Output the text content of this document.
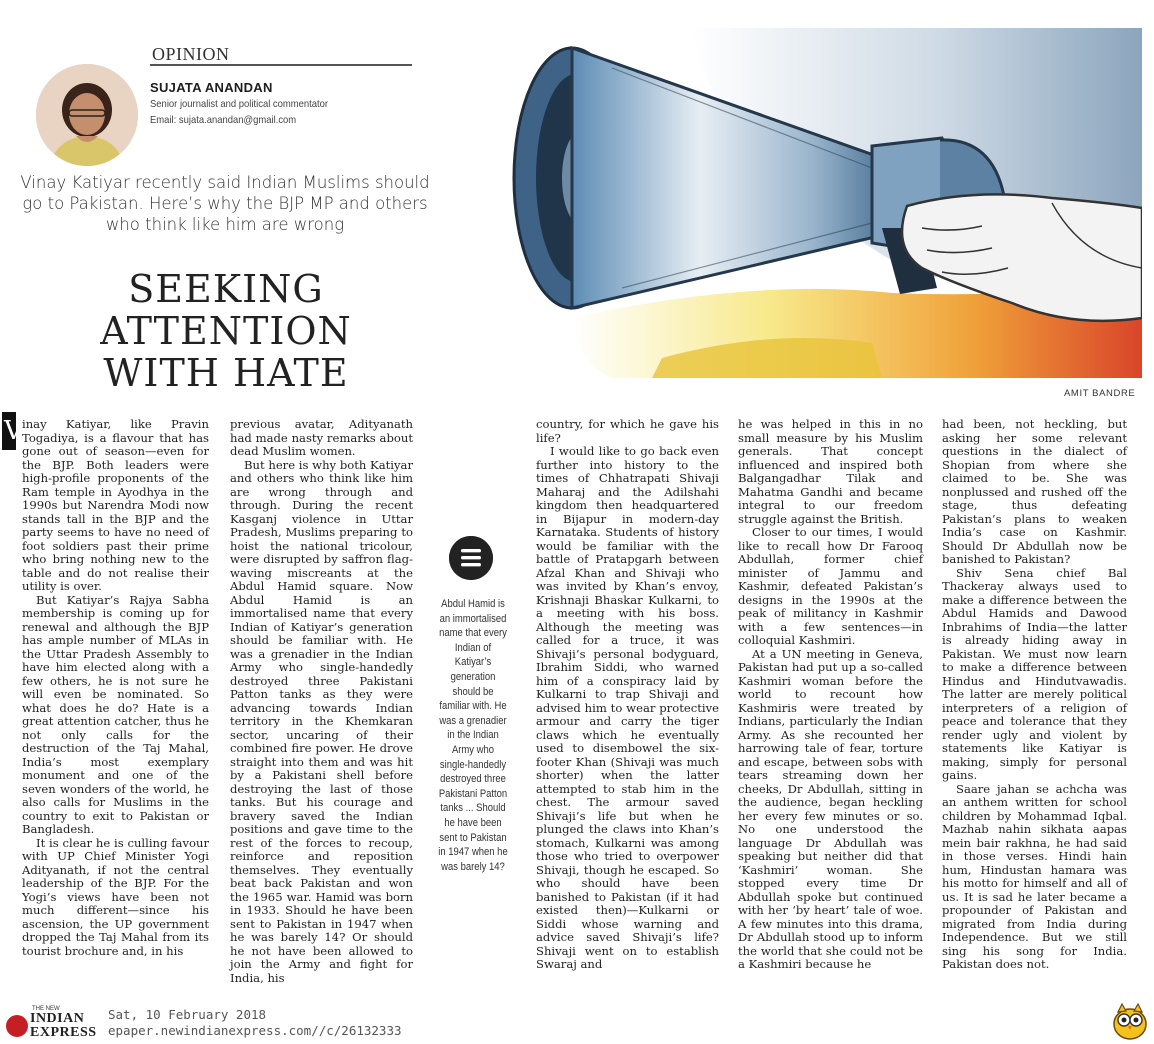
OPINION
SUJATA ANANDAN
Senior journalist and political commentator
Email: sujata.anandan@gmail.com
Vinay Katiyar recently said Indian Muslims should go to Pakistan. Here’s why the BJP MP and others who think like him are wrong
SEEKING
ATTENTION
WITH HATE	AMIT BANDRE
V inay Katiyar, like Pravin Togadiya, is a flavour that has gone out of season—even for the BJP. Both leaders were high-profile proponents of the Ram temple in Ayodhya in the 1990s but Narendra Modi now stands tall in the BJP and the party seems to have no need of foot soldiers past their prime who bring nothing new to the table and do not realise their utility is over.

But Katiyar’s Rajya Sabha membership is coming up for renewal and although the BJP has ample number of MLAs in the Uttar Pradesh Assembly to have him elected along with a few others, he is not sure he will even be nominated. So what does he do? Hate is a great attention catcher, thus he not only calls for the destruction of the Taj Mahal, India’s most exemplary monument and one of the seven wonders of the world, he also calls for Muslims in the country to exit to Pakistan or Bangladesh.

It is clear he is culling favour with UP Chief Minister Yogi Adityanath, if not the central leadership of the BJP. For the Yogi’s views have been not much different—since his ascension, the UP government dropped the Taj Mahal from its tourist brochure and, in his

previous avatar, Adityanath had made nasty remarks about dead Muslim women.

But here is why both Katiyar and others who think like him are wrong through and through. During the recent Kasganj violence in Uttar Pradesh, Muslims preparing to hoist the national tricolour, were disrupted by saffron flag-waving miscreants at the Abdul Hamid square. Now Abdul Hamid is an immortalised name that every Indian of Katiyar’s generation should be familiar with. He was a grenadier in the Indian Army who single-handedly destroyed three Pakistani Patton tanks as they were advancing towards Indian territory in the Khemkaran sector, uncaring of their combined fire power. He drove straight into them and was hit by a Pakistani shell before destroying the last of those tanks. But his courage and bravery saved the Indian positions and gave time to the rest of the forces to recoup, reinforce and reposition themselves. They eventually beat back Pakistan and won the 1965 war. Hamid was born in 1933. Should he have been sent to Pakistan in 1947 when he was barely 14? Or should he not have been allowed to join the Army and fight for India, his

Abdul Hamid is an immortalised name that every Indian of Katiyar’s generation should be familiar with. He was a grenadier in the Indian Army who single-handedly destroyed three Pakistani Patton tanks ... Should he have been sent to Pakistan in 1947 when he was barely 14?

country, for which he gave his life?

I would like to go back even further into history to the times of Chhatrapati Shivaji Maharaj and the Adilshahi kingdom then headquartered in Bijapur in modern-day Karnataka. Students of history would be familiar with the battle of Pratapgarh between Afzal Khan and Shivaji who was invited by Khan’s envoy, Krishnaji Bhaskar Kulkarni, to a meeting with his boss. Although the meeting was called for a truce, it was Shivaji’s personal bodyguard, Ibrahim Siddi, who warned him of a conspiracy laid by Kulkarni to trap Shivaji and advised him to wear protective armour and carry the tiger claws which he eventually used to disembowel the six-footer Khan (Shivaji was much shorter) when the latter attempted to stab him in the chest. The armour saved Shivaji’s life but when he plunged the claws into Khan’s stomach, Kulkarni was among those who tried to overpower Shivaji, though he escaped. So who should have been banished to Pakistan (if it had existed then)—Kulkarni or Siddi whose warning and advice saved Shivaji’s life? Shivaji went on to establish Swaraj and

he was helped in this in no small measure by his Muslim generals. That concept influenced and inspired both Balgangadhar Tilak and Mahatma Gandhi and became integral to our freedom struggle against the British.

Closer to our times, I would like to recall how Dr Farooq Abdullah, former chief minister of Jammu and Kashmir, defeated Pakistan’s designs in the 1990s at the peak of militancy in Kashmir with a few sentences—in colloquial Kashmiri.

At a UN meeting in Geneva, Pakistan had put up a so-called Kashmiri woman before the world to recount how Kashmiris were treated by Indians, particularly the Indian Army. As she recounted her harrowing tale of fear, torture and escape, between sobs with tears streaming down her cheeks, Dr Abdullah, sitting in the audience, began heckling her every few minutes or so. No one understood the language Dr Abdullah was speaking but neither did that ‘Kashmiri’ woman. She stopped every time Dr Abdullah spoke but continued with her ‘by heart’ tale of woe. A few minutes into this drama, Dr Abdullah stood up to inform the world that she could not be a Kashmiri because he

had been, not heckling, but asking her some relevant questions in the dialect of Shopian from where she claimed to be. She was nonplussed and rushed off the stage, thus defeating Pakistan’s plans to weaken India’s case on Kashmir. Should Dr Abdullah now be banished to Pakistan?

Shiv Sena chief Bal Thackeray always used to make a difference between the Abdul Hamids and Dawood Inbrahims of India—the latter is already hiding away in Pakistan. We must now learn to make a difference between Hindus and Hindutvawadis. The latter are merely political interpreters of a religion of peace and tolerance that they render ugly and violent by statements like Katiyar is making, simply for personal gains.

Saare jahan se achcha was an anthem written for school children by Mohammad Iqbal. Mazhab nahin sikhata aapas mein bair rakhna, he had said in those verses. Hindi hain hum, Hindustan hamara was his motto for himself and all of us. It is sad he later became a propounder of Pakistan and migrated from India during Independence. But we still sing his song for India. Pakistan does not.

THE NEW
INDIAN
EXPRESS
Sat, 10 February 2018
epaper.newindianexpress.com//c/26132333
